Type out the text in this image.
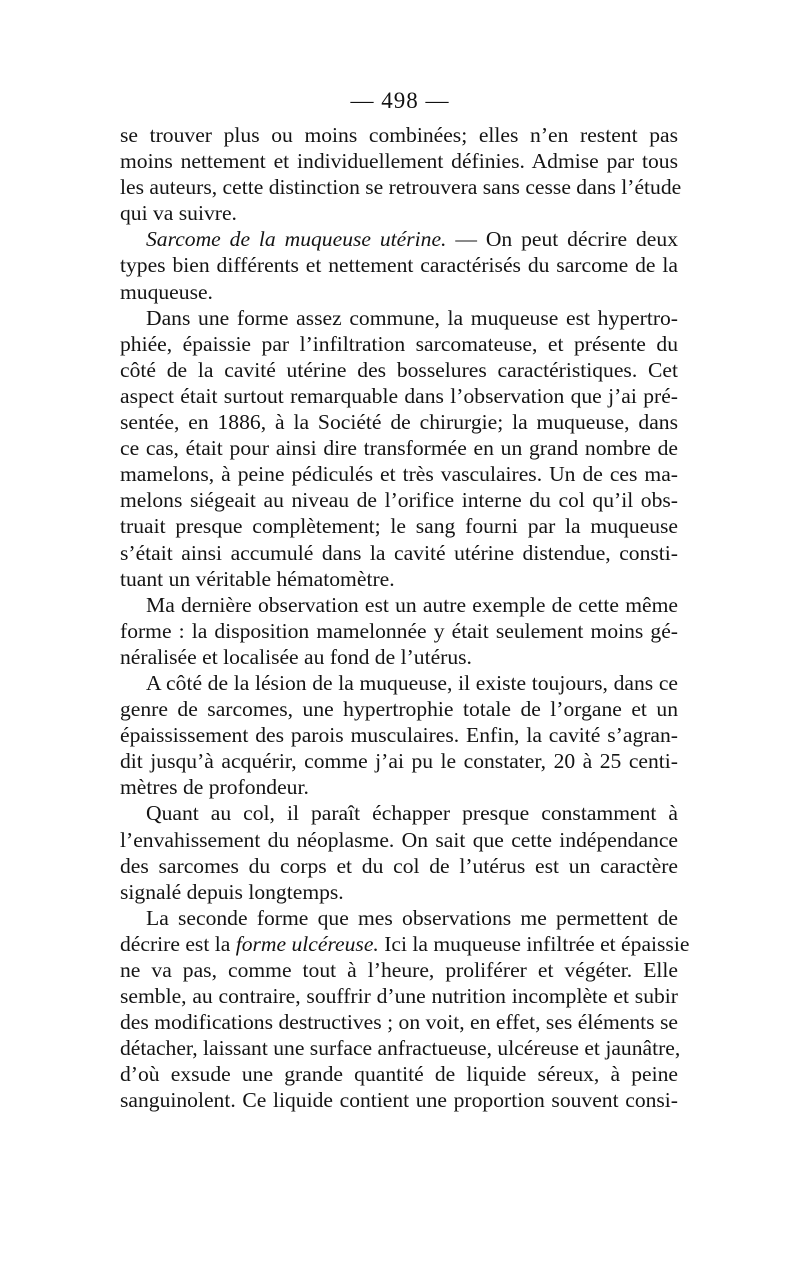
— 498 —

se trouver plus ou moins combinées; elles n’en restent pas
moins nettement et individuellement définies. Admise par tous
les auteurs, cette distinction se retrouvera sans cesse dans l’étude
qui va suivre.

Sarcome de la muqueuse utérine. — On peut décrire deux
types bien différents et nettement caractérisés du sarcome de la
muqueuse.

Dans une forme assez commune, la muqueuse est hypertro-
phiée, épaissie par l’infiltration sarcomateuse, et présente du
côté de la cavité utérine des bosselures caractéristiques. Cet
aspect était surtout remarquable dans l’observation que j’ai pré-
sentée, en 1886, à la Société de chirurgie; la muqueuse, dans
ce cas, était pour ainsi dire transformée en un grand nombre de
mamelons, à peine pédiculés et très vasculaires. Un de ces ma-
melons siégeait au niveau de l’orifice interne du col qu’il obs-
truait presque complètement; le sang fourni par la muqueuse
s’était ainsi accumulé dans la cavité utérine distendue, consti-
tuant un véritable hématomètre.

Ma dernière observation est un autre exemple de cette même
forme : la disposition mamelonnée y était seulement moins gé-
néralisée et localisée au fond de l’utérus.

A côté de la lésion de la muqueuse, il existe toujours, dans ce
genre de sarcomes, une hypertrophie totale de l’organe et un
épaississement des parois musculaires. Enfin, la cavité s’agran-
dit jusqu’à acquérir, comme j’ai pu le constater, 20 à 25 centi-
mètres de profondeur.

Quant au col, il paraît échapper presque constamment à
l’envahissement du néoplasme. On sait que cette indépendance
des sarcomes du corps et du col de l’utérus est un caractère
signalé depuis longtemps.

La seconde forme que mes observations me permettent de
décrire est la forme ulcéreuse. Ici la muqueuse infiltrée et épaissie
ne va pas, comme tout à l’heure, proliférer et végéter. Elle
semble, au contraire, souffrir d’une nutrition incomplète et subir
des modifications destructives ; on voit, en effet, ses éléments se
détacher, laissant une surface anfractueuse, ulcéreuse et jaunâtre,
d’où exsude une grande quantité de liquide séreux, à peine
sanguinolent. Ce liquide contient une proportion souvent consi-
